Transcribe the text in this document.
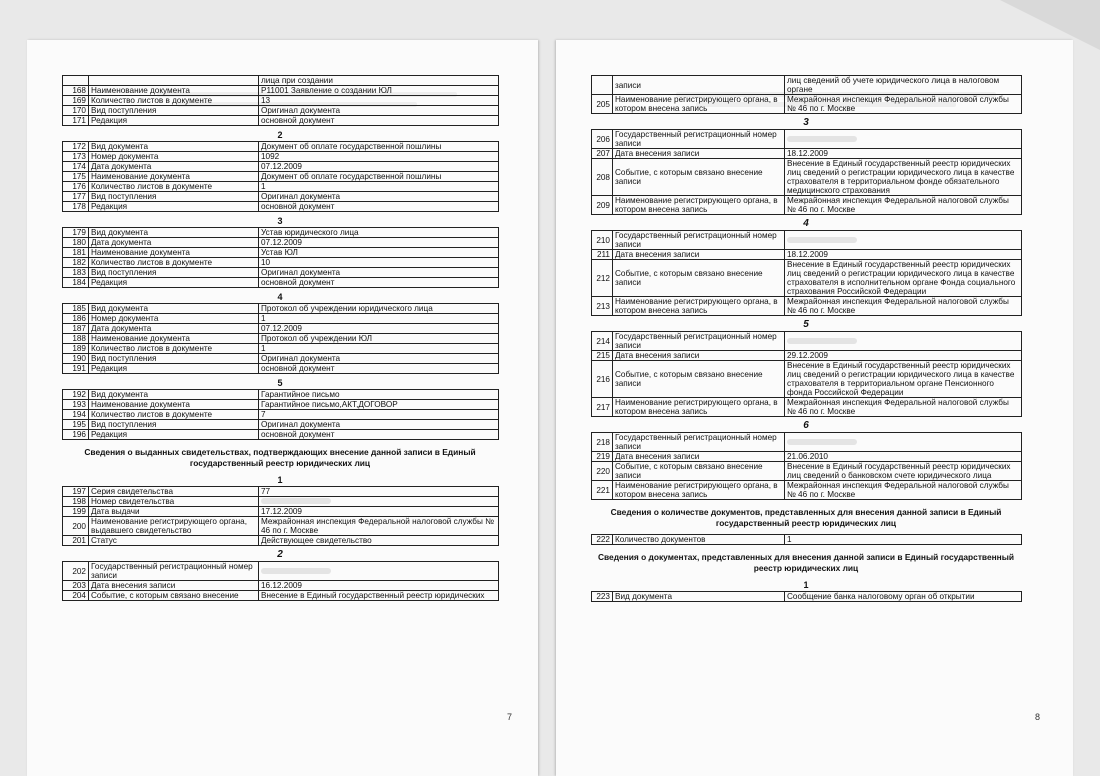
		лица при создании
168	Наименование документа	Р11001 Заявление о создании ЮЛ
169	Количество листов в документе	13
170	Вид поступления	Оригинал документа
171	Редакция	основной документ
2
172	Вид документа	Документ об оплате государственной пошлины
173	Номер документа	1092
174	Дата документа	07.12.2009
175	Наименование документа	Документ об оплате государственной пошлины
176	Количество листов в документе	1
177	Вид поступления	Оригинал документа
178	Редакция	основной документ
3
179	Вид документа	Устав юридического лица
180	Дата документа	07.12.2009
181	Наименование документа	Устав ЮЛ
182	Количество листов в документе	10
183	Вид поступления	Оригинал документа
184	Редакция	основной документ
4
185	Вид документа	Протокол об учреждении юридического лица
186	Номер документа	1
187	Дата документа	07.12.2009
188	Наименование документа	Протокол об учреждении ЮЛ
189	Количество листов в документе	1
190	Вид поступления	Оригинал документа
191	Редакция	основной документ
5
192	Вид документа	Гарантийное письмо
193	Наименование документа	Гарантийное письмо,АКТ,ДОГОВОР
194	Количество листов в документе	7
195	Вид поступления	Оригинал документа
196	Редакция	основной документ
Сведения о выданных свидетельствах, подтверждающих внесение данной записи в Единый государственный реестр юридических лиц
1
197	Серия свидетельства	77
198	Номер свидетельства	
199	Дата выдачи	17.12.2009
200	Наименование регистрирующего органа, выдавшего свидетельство	Межрайонная инспекция Федеральной налоговой службы № 46 по г. Москве
201	Статус	Действующее свидетельство
2
202	Государственный регистрационный номер записи	
203	Дата внесения записи	16.12.2009
204	Событие, с которым связано внесение	Внесение в Единый государственный реестр юридических
	записи	лиц сведений об учете юридического лица в налоговом органе
205	Наименование регистрирующего органа, в котором внесена запись	Межрайонная инспекция Федеральной налоговой службы № 46 по г. Москве
3
206	Государственный регистрационный номер записи	
207	Дата внесения записи	18.12.2009
208	Событие, с которым связано внесение записи	Внесение в Единый государственный реестр юридических лиц сведений о регистрации юридического лица в качестве страхователя в территориальном фонде обязательного медицинского страхования
209	Наименование регистрирующего органа, в котором внесена запись	Межрайонная инспекция Федеральной налоговой службы № 46 по г. Москве
4
210	Государственный регистрационный номер записи	
211	Дата внесения записи	18.12.2009
212	Событие, с которым связано внесение записи	Внесение в Единый государственный реестр юридических лиц сведений о регистрации юридического лица в качестве страхователя в исполнительном органе Фонда социального страхования Российской Федерации
213	Наименование регистрирующего органа, в котором внесена запись	Межрайонная инспекция Федеральной налоговой службы № 46 по г. Москве
5
214	Государственный регистрационный номер записи	
215	Дата внесения записи	29.12.2009
216	Событие, с которым связано внесение записи	Внесение в Единый государственный реестр юридических лиц сведений о регистрации юридического лица в качестве страхователя в территориальном органе Пенсионного фонда Российской Федерации
217	Наименование регистрирующего органа, в котором внесена запись	Межрайонная инспекция Федеральной налоговой службы № 46 по г. Москве
6
218	Государственный регистрационный номер записи	
219	Дата внесения записи	21.06.2010
220	Событие, с которым связано внесение записи	Внесение в Единый государственный реестр юридических лиц сведений о банковском счете юридического лица
221	Наименование регистрирующего органа, в котором внесена запись	Межрайонная инспекция Федеральной налоговой службы № 46 по г. Москве
Сведения о количестве документов, представленных для внесения данной записи в Единый государственный реестр юридических лиц
222	Количество документов	1
Сведения о документах, представленных для внесения данной записи в Единый государственный реестр юридических лиц
1
223	Вид документа	Сообщение банка налоговому орган об открытии
7	8
